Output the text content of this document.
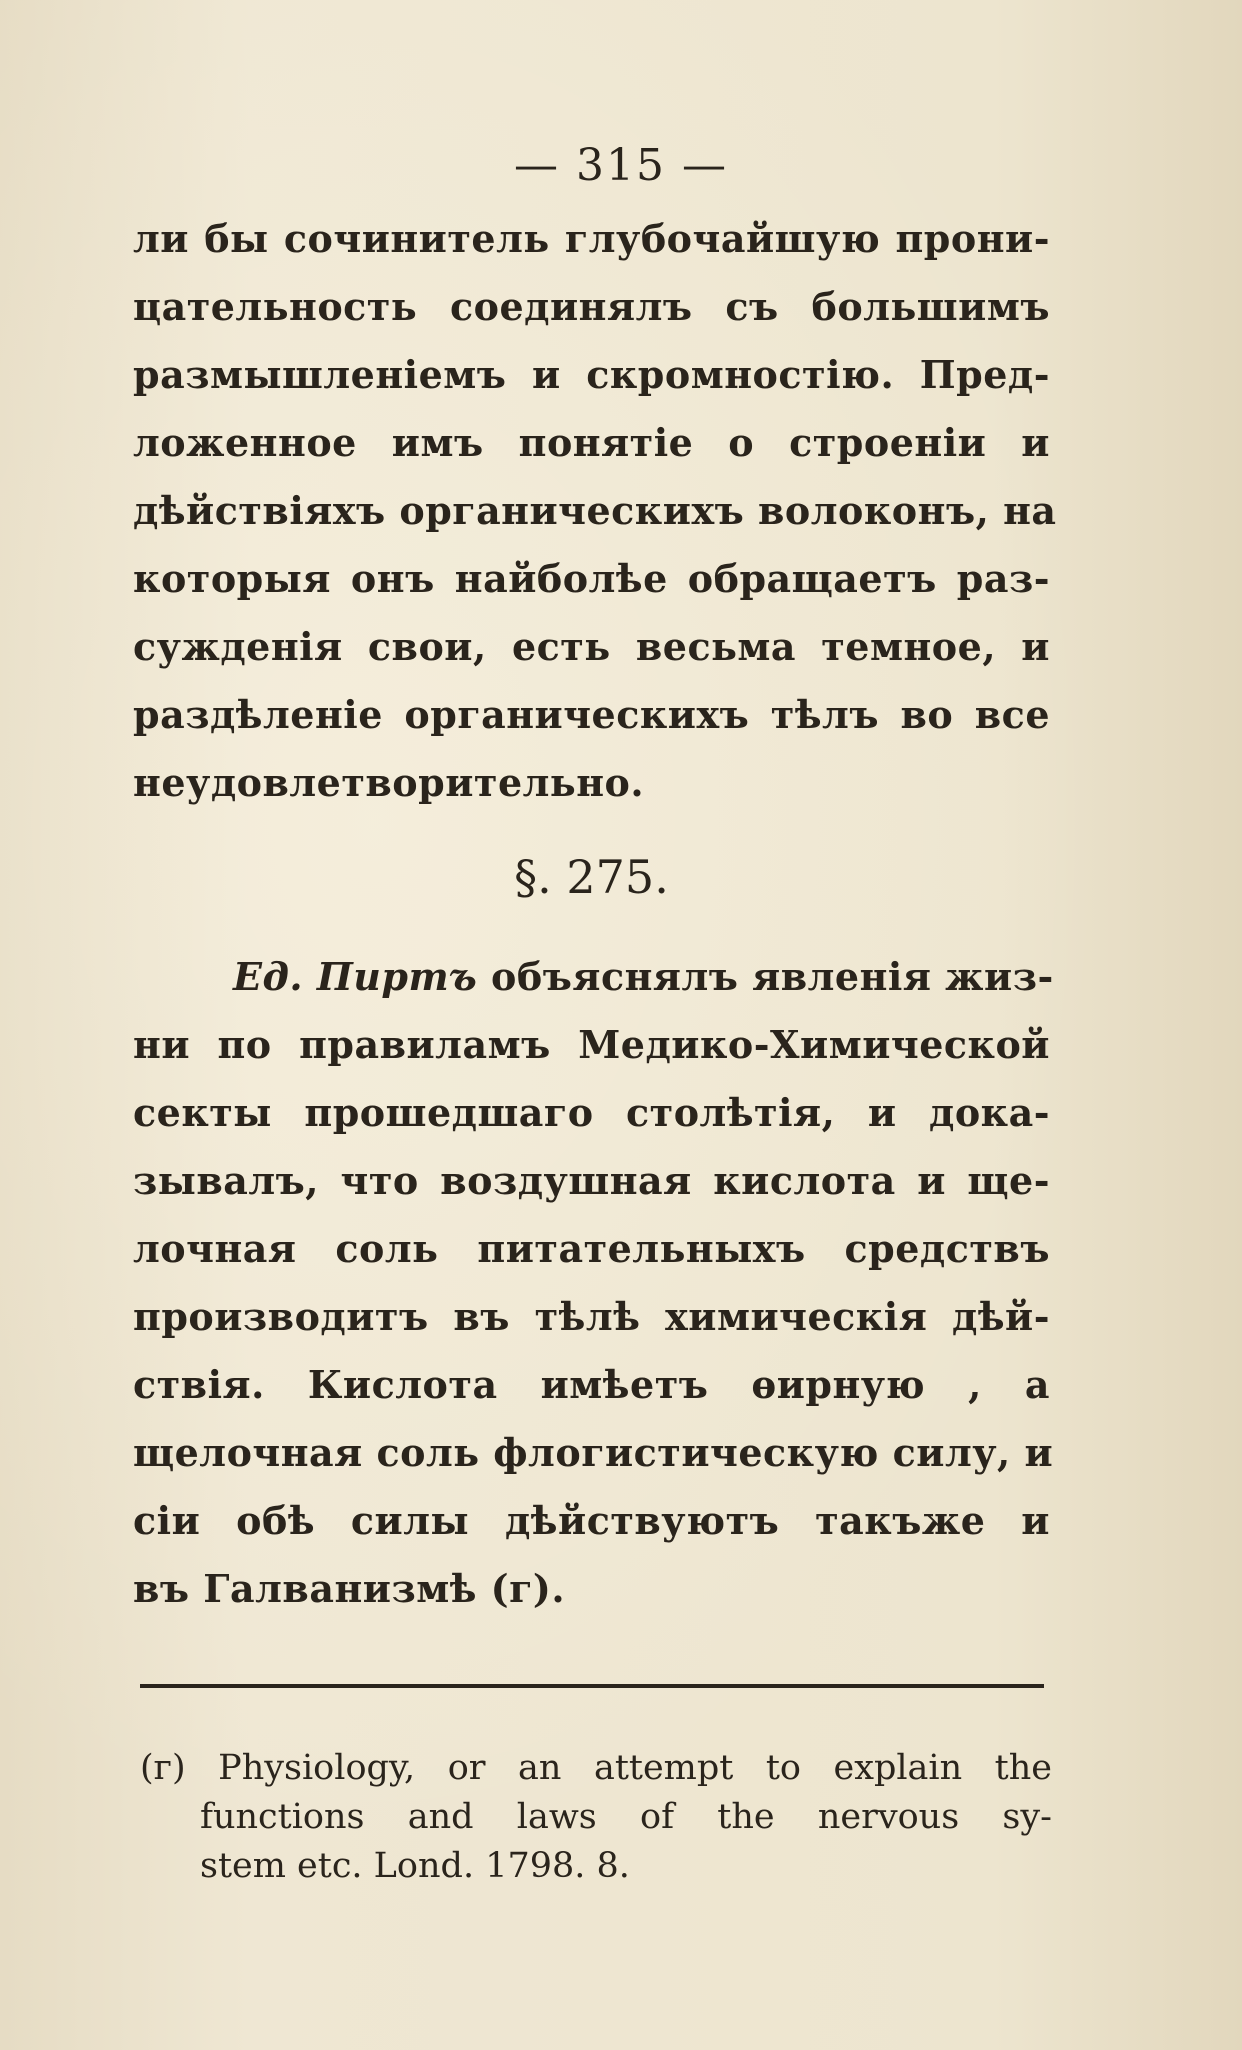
— 315 —
ли бы сочинитель глубочайшую прони-
цательность соединялъ съ большимъ
размышленіемъ и скромностію. Пред-
ложенное имъ понятіе о строеніи и
дѣйствіяхъ органическихъ волоконъ, на
которыя онъ найболѣе обращаетъ раз-
сужденія свои, есть весьма темное, и
раздѣленіе органическихъ тѣлъ во все
неудовлетворительно.
§. 275.
Ед. Пиртъ объяснялъ явленія жиз-
ни по правиламъ Медико-Химической
секты прошедшаго столѣтія, и дока-
зывалъ, что воздушная кислота и ще-
лочная соль питательныхъ средствъ
производитъ въ тѣлѣ химическія дѣй-
ствія. Кислота имѣетъ ѳирную , а
щелочная соль флогистическую силу, и
сіи обѣ силы дѣйствуютъ такъже и
въ Галванизмѣ (г).
(г) Physiology, or an attempt to explain the
functions and laws of the nervous sy-
stem etc. Lond. 1798. 8.
